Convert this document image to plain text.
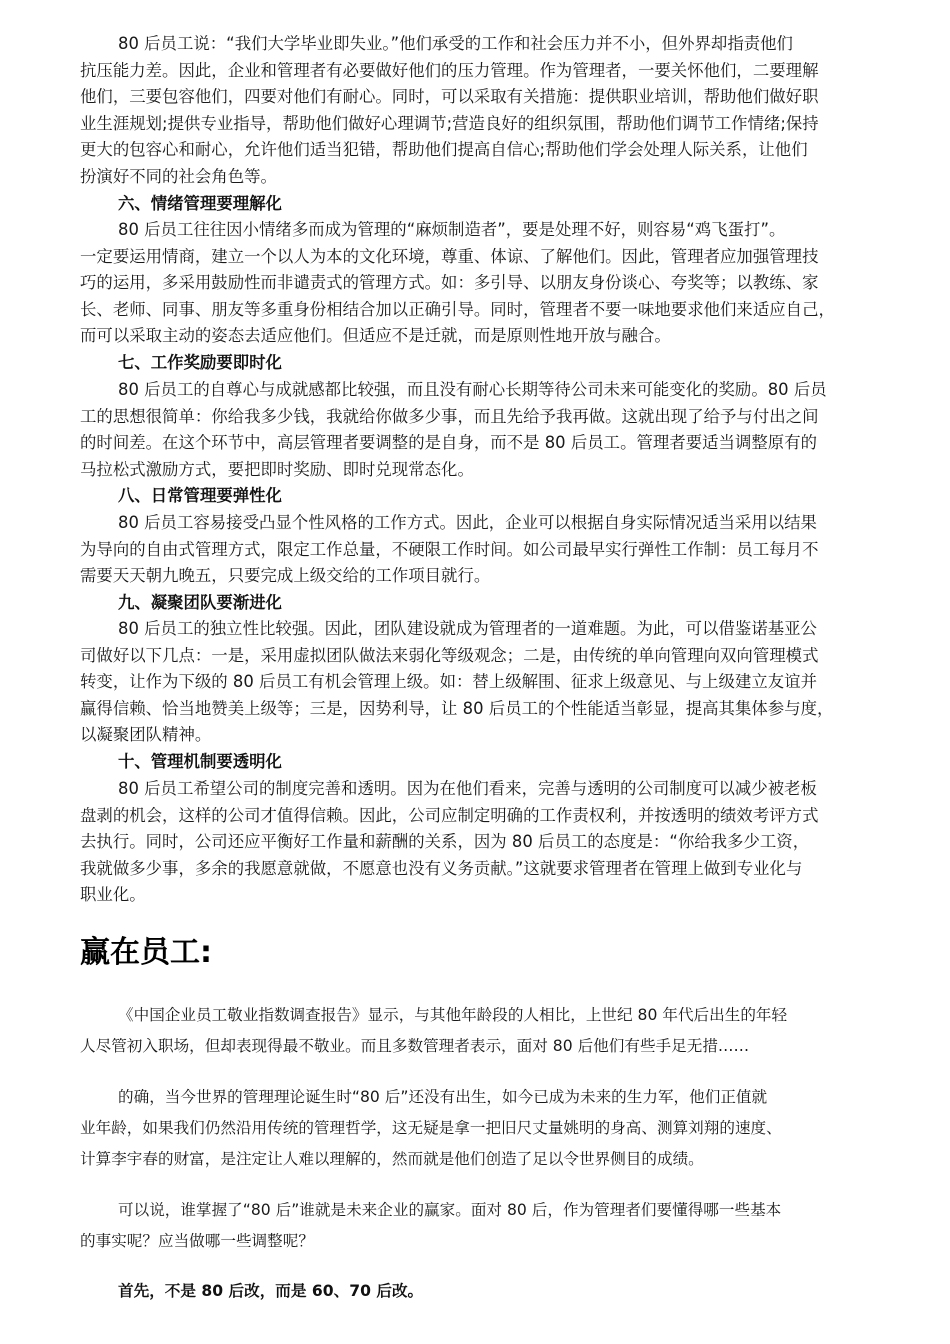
80 后员工说：“我们大学毕业即失业。”他们承受的工作和社会压力并不小，但外界却指责他们
抗压能力差。因此，企业和管理者有必要做好他们的压力管理。作为管理者，一要关怀他们，二要理解
他们，三要包容他们，四要对他们有耐心。同时，可以采取有关措施：提供职业培训，帮助他们做好职
业生涯规划;提供专业指导，帮助他们做好心理调节;营造良好的组织氛围，帮助他们调节工作情绪;保持
更大的包容心和耐心，允许他们适当犯错，帮助他们提高自信心;帮助他们学会处理人际关系，让他们
扮演好不同的社会角色等。
六、情绪管理要理解化
80 后员工往往因小情绪多而成为管理的“麻烦制造者”，要是处理不好，则容易“鸡飞蛋打”。
一定要运用情商，建立一个以人为本的文化环境，尊重、体谅、了解他们。因此，管理者应加强管理技
巧的运用，多采用鼓励性而非谴责式的管理方式。如：多引导、以朋友身份谈心、夸奖等；以教练、家
长、老师、同事、朋友等多重身份相结合加以正确引导。同时，管理者不要一味地要求他们来适应自己，
而可以采取主动的姿态去适应他们。但适应不是迁就，而是原则性地开放与融合。
七、工作奖励要即时化
80 后员工的自尊心与成就感都比较强，而且没有耐心长期等待公司未来可能变化的奖励。80 后员
工的思想很简单：你给我多少钱，我就给你做多少事，而且先给予我再做。这就出现了给予与付出之间
的时间差。在这个环节中，高层管理者要调整的是自身，而不是 80 后员工。管理者要适当调整原有的
马拉松式激励方式，要把即时奖励、即时兑现常态化。
八、日常管理要弹性化
80 后员工容易接受凸显个性风格的工作方式。因此，企业可以根据自身实际情况适当采用以结果
为导向的自由式管理方式，限定工作总量，不硬限工作时间。如公司最早实行弹性工作制：员工每月不
需要天天朝九晚五，只要完成上级交给的工作项目就行。
九、凝聚团队要渐进化
80 后员工的独立性比较强。因此，团队建设就成为管理者的一道难题。为此，可以借鉴诺基亚公
司做好以下几点：一是，采用虚拟团队做法来弱化等级观念；二是，由传统的单向管理向双向管理模式
转变，让作为下级的 80 后员工有机会管理上级。如：替上级解围、征求上级意见、与上级建立友谊并
赢得信赖、恰当地赞美上级等；三是，因势利导，让 80 后员工的个性能适当彰显，提高其集体参与度，
以凝聚团队精神。
十、管理机制要透明化
80 后员工希望公司的制度完善和透明。因为在他们看来，完善与透明的公司制度可以减少被老板
盘剥的机会，这样的公司才值得信赖。因此，公司应制定明确的工作责权利，并按透明的绩效考评方式
去执行。同时，公司还应平衡好工作量和薪酬的关系，因为 80 后员工的态度是：“你给我多少工资，
我就做多少事，多余的我愿意就做，不愿意也没有义务贡献。”这就要求管理者在管理上做到专业化与
职业化。
赢在员工:
《中国企业员工敬业指数调查报告》显示，与其他年龄段的人相比，上世纪 80 年代后出生的年轻
人尽管初入职场，但却表现得最不敬业。而且多数管理者表示，面对 80 后他们有些手足无措……
的确，当今世界的管理理论诞生时“80 后”还没有出生，如今已成为未来的生力军，他们正值就
业年龄，如果我们仍然沿用传统的管理哲学，这无疑是拿一把旧尺丈量姚明的身高、测算刘翔的速度、
计算李宇春的财富，是注定让人难以理解的，然而就是他们创造了足以令世界侧目的成绩。
可以说，谁掌握了“80 后”谁就是未来企业的赢家。面对 80 后，作为管理者们要懂得哪一些基本
的事实呢？应当做哪一些调整呢？
首先，不是 80 后改，而是 60、70 后改。
